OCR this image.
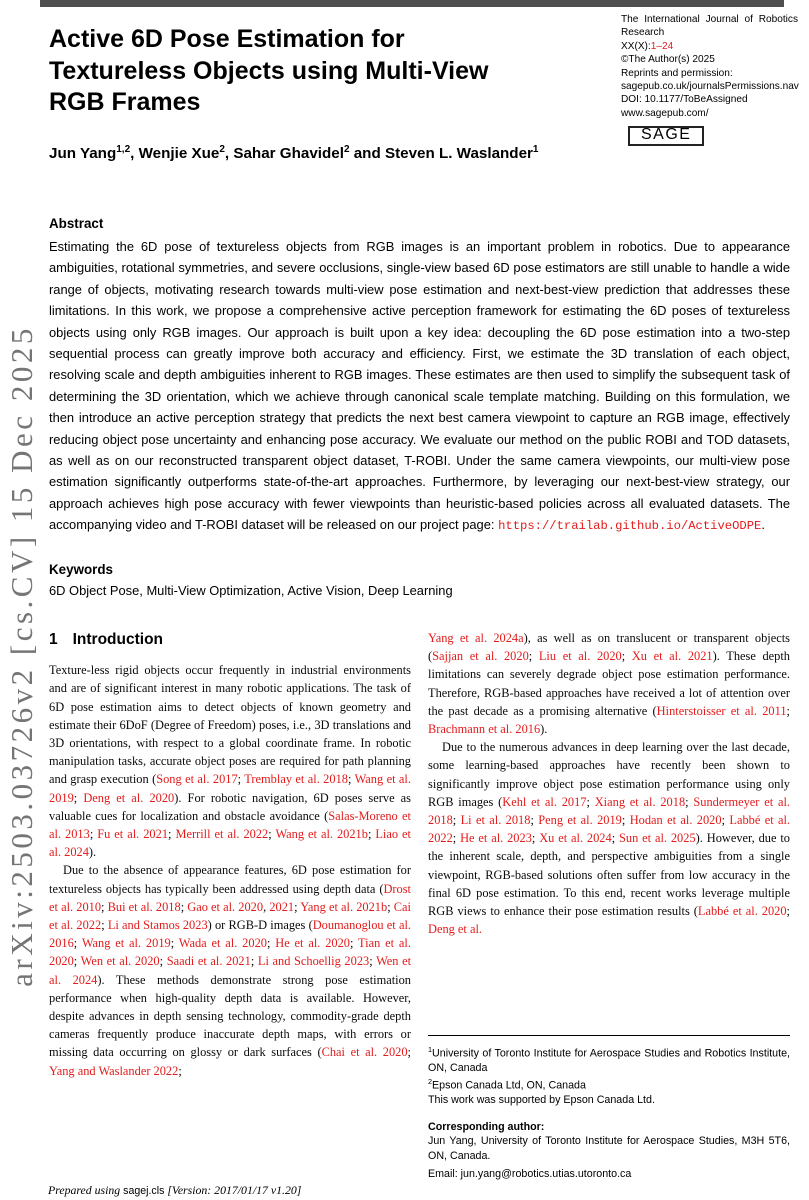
arXiv:2503.03726v2 [cs.CV] 15 Dec 2025
The International Journal of Robotics
Research
XX(X):1–24
©The Author(s) 2025
Reprints and permission:
sagepub.co.uk/journalsPermissions.nav
DOI: 10.1177/ToBeAssigned
www.sagepub.com/
SAGE
Active 6D Pose Estimation for
Textureless Objects using Multi-View
RGB Frames
Jun Yang$^{1,2}$, Wenjie Xue$^2$, Sahar Ghavidel$^2$ and Steven L. Waslander$^1$
Abstract
Estimating the 6D pose of textureless objects from RGB images is an important problem in robotics. Due to appearance ambiguities, rotational symmetries, and severe occlusions, single-view based 6D pose estimators are still unable to handle a wide range of objects, motivating research towards multi-view pose estimation and next-best-view prediction that addresses these limitations. In this work, we propose a comprehensive active perception framework for estimating the 6D poses of textureless objects using only RGB images. Our approach is built upon a key idea: decoupling the 6D pose estimation into a two-step sequential process can greatly improve both accuracy and efficiency. First, we estimate the 3D translation of each object, resolving scale and depth ambiguities inherent to RGB images. These estimates are then used to simplify the subsequent task of determining the 3D orientation, which we achieve through canonical scale template matching. Building on this formulation, we then introduce an active perception strategy that predicts the next best camera viewpoint to capture an RGB image, effectively reducing object pose uncertainty and enhancing pose accuracy. We evaluate our method on the public ROBI and TOD datasets, as well as on our reconstructed transparent object dataset, T-ROBI. Under the same camera viewpoints, our multi-view pose estimation significantly outperforms state-of-the-art approaches. Furthermore, by leveraging our next-best-view strategy, our approach achieves high pose accuracy with fewer viewpoints than heuristic-based policies across all evaluated datasets. The accompanying video and T-ROBI dataset will be released on our project page: https://trailab.github.io/ActiveODPE.
Keywords
6D Object Pose, Multi-View Optimization, Active Vision, Deep Learning
1 Introduction

Texture-less rigid objects occur frequently in industrial environments and are of significant interest in many robotic applications. The task of 6D pose estimation aims to detect objects of known geometry and estimate their 6DoF (Degree of Freedom) poses, i.e., 3D translations and 3D orientations, with respect to a global coordinate frame. In robotic manipulation tasks, accurate object poses are required for path planning and grasp execution (Song et al. 2017; Tremblay et al. 2018; Wang et al. 2019; Deng et al. 2020). For robotic navigation, 6D poses serve as valuable cues for localization and obstacle avoidance (Salas-Moreno et al. 2013; Fu et al. 2021; Merrill et al. 2022; Wang et al. 2021b; Liao et al. 2024).

Due to the absence of appearance features, 6D pose estimation for textureless objects has typically been addressed using depth data (Drost et al. 2010; Bui et al. 2018; Gao et al. 2020, 2021; Yang et al. 2021b; Cai et al. 2022; Li and Stamos 2023) or RGB-D images (Doumanoglou et al. 2016; Wang et al. 2019; Wada et al. 2020; He et al. 2020; Tian et al. 2020; Wen et al. 2020; Saadi et al. 2021; Li and Schoellig 2023; Wen et al. 2024). These methods demonstrate strong pose estimation performance when high-quality depth data is available. However, despite advances in depth sensing technology, commodity-grade depth cameras frequently produce inaccurate depth maps, with errors or missing data occurring on glossy or dark surfaces (Chai et al. 2020; Yang and Waslander 2022;

Yang et al. 2024a), as well as on translucent or transparent objects (Sajjan et al. 2020; Liu et al. 2020; Xu et al. 2021). These depth limitations can severely degrade object pose estimation performance. Therefore, RGB-based approaches have received a lot of attention over the past decade as a promising alternative (Hinterstoisser et al. 2011; Brachmann et al. 2016).

Due to the numerous advances in deep learning over the last decade, some learning-based approaches have recently been shown to significantly improve object pose estimation performance using only RGB images (Kehl et al. 2017; Xiang et al. 2018; Sundermeyer et al. 2018; Li et al. 2018; Peng et al. 2019; Hodan et al. 2020; Labbé et al. 2022; He et al. 2023; Xu et al. 2024; Sun et al. 2025). However, due to the inherent scale, depth, and perspective ambiguities from a single viewpoint, RGB-based solutions often suffer from low accuracy in the final 6D pose estimation. To this end, recent works leverage multiple RGB views to enhance their pose estimation results (Labbé et al. 2020; Deng et al.

$^1$University of Toronto Institute for Aerospace Studies and Robotics Institute, ON, Canada
$^2$Epson Canada Ltd, ON, Canada
This work was supported by Epson Canada Ltd.
Corresponding author:
Jun Yang, University of Toronto Institute for Aerospace Studies, M3H 5T6, ON, Canada.
Email: jun.yang@robotics.utias.utoronto.ca
Prepared using sagej.cls [Version: 2017/01/17 v1.20]
